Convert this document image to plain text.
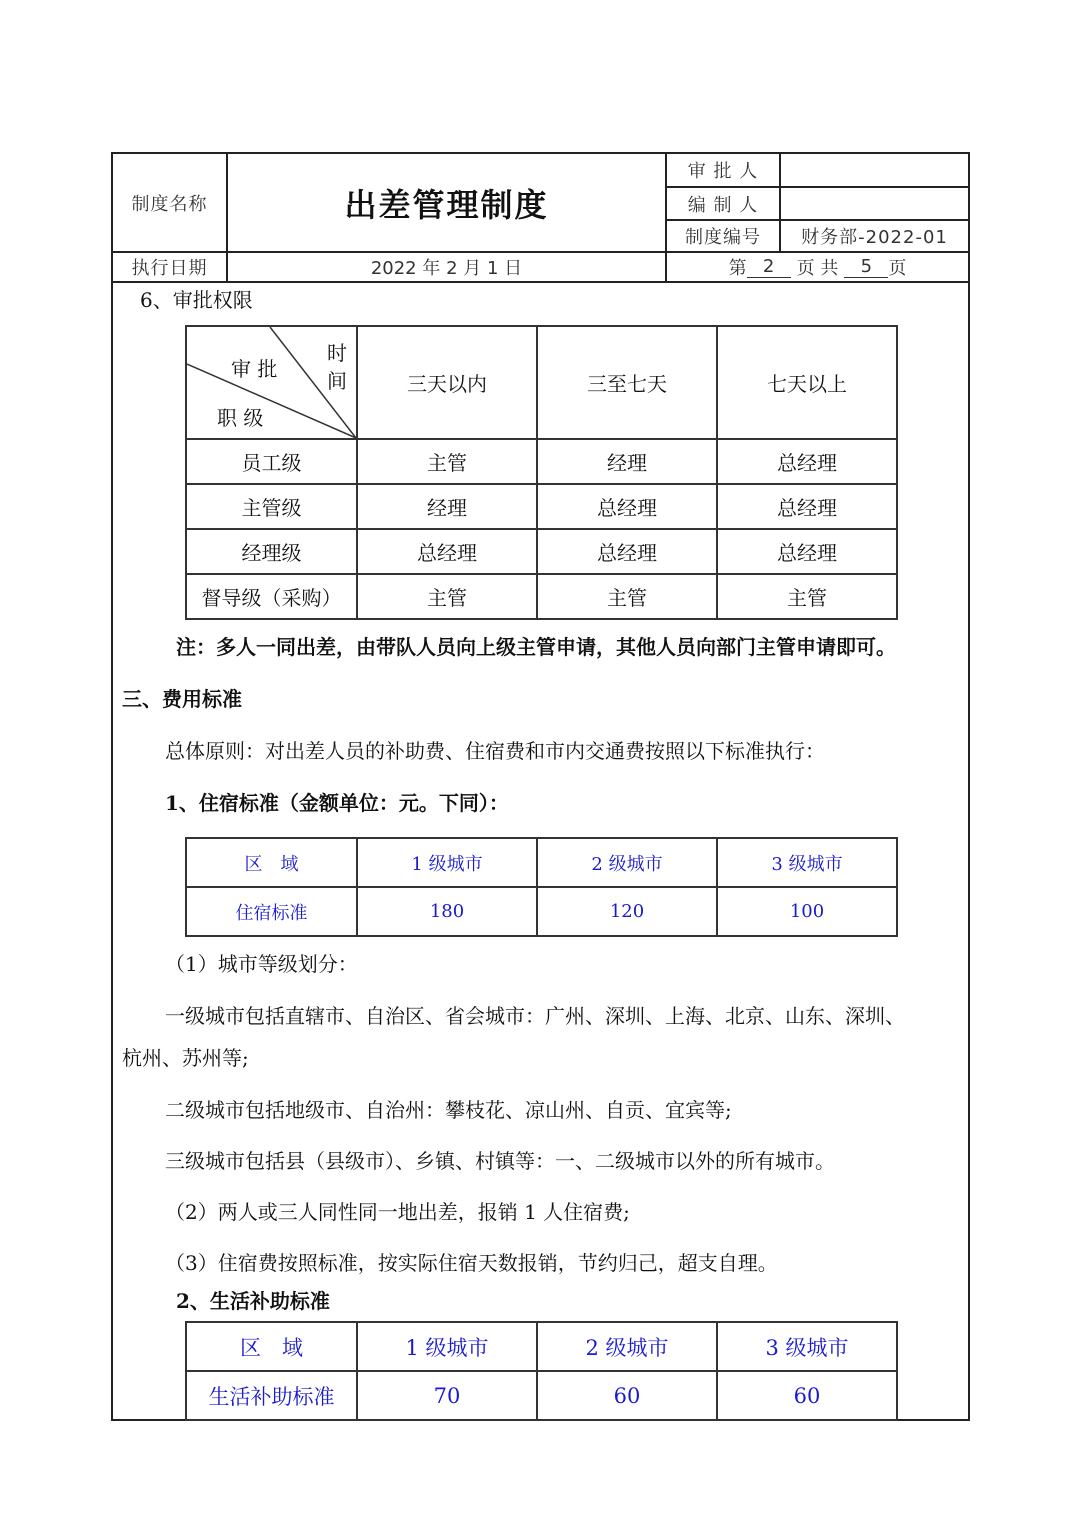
制度名称	出差管理制度
审 批 人
编 制 人
制度编号	财务部-2022-01
执行日期	2022 年 2 月 1 日	第 2	页 共	5 页
6、审批权限
审 批
时
间
职 级	三天以内	三至七天	七天以上
员工级	主管	经理	总经理
主管级	经理	总经理	总经理
经理级	总经理	总经理	总经理
督导级（采购）	主管	主管	主管
注：多人一同出差，由带队人员向上级主管申请，其他人员向部门主管申请即可。
三、费用标准
总体原则：对出差人员的补助费、住宿费和市内交通费按照以下标准执行：
1、住宿标准（金额单位：元。下同）：
区　域	1 级城市	2 级城市	3 级城市
住宿标准	180	120	100
（1）城市等级划分：
一级城市包括直辖市、自治区、省会城市：广州、深圳、上海、北京、山东、深圳、
杭州、苏州等;
二级城市包括地级市、自治州：攀枝花、凉山州、自贡、宜宾等;
三级城市包括县（县级市）、乡镇、村镇等：一、二级城市以外的所有城市。
（2）两人或三人同性同一地出差，报销 1 人住宿费;
（3）住宿费按照标准，按实际住宿天数报销，节约归己，超支自理。
2、生活补助标准
区　域	1 级城市	2 级城市	3 级城市
生活补助标准	70	60	60
